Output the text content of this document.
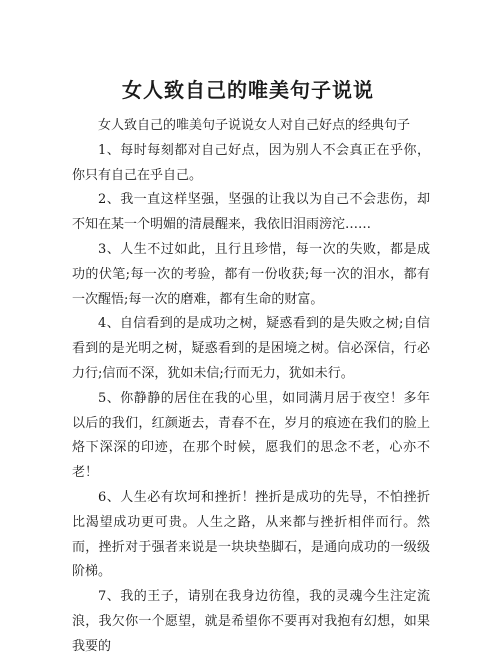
女人致自己的唯美句子说说

女人致自己的唯美句子说说女人对自己好点的经典句子

1、每时每刻都对自己好点，因为别人不会真正在乎你，你只有自己在乎自己。

2、我一直这样坚强，坚强的让我以为自己不会悲伤，却不知在某一个明媚的清晨醒来，我依旧泪雨滂沱……

3、人生不过如此，且行且珍惜，每一次的失败，都是成功的伏笔;每一次的考验，都有一份收获;每一次的泪水，都有一次醒悟;每一次的磨难，都有生命的财富。

4、自信看到的是成功之树，疑惑看到的是失败之树;自信看到的是光明之树，疑惑看到的是困境之树。信必深信，行必力行;信而不深，犹如未信;行而无力，犹如未行。

5、你静静的居住在我的心里，如同满月居于夜空！多年以后的我们，红颜逝去，青春不在，岁月的痕迹在我们的脸上烙下深深的印迹，在那个时候，愿我们的思念不老，心亦不老！

6、人生必有坎坷和挫折！挫折是成功的先导，不怕挫折比渴望成功更可贵。人生之路，从来都与挫折相伴而行。然而，挫折对于强者来说是一块块垫脚石，是通向成功的一级级阶梯。

7、我的王子，请别在我身边彷徨，我的灵魂今生注定流浪，我欠你一个愿望，就是希望你不要再对我抱有幻想，如果我要的
